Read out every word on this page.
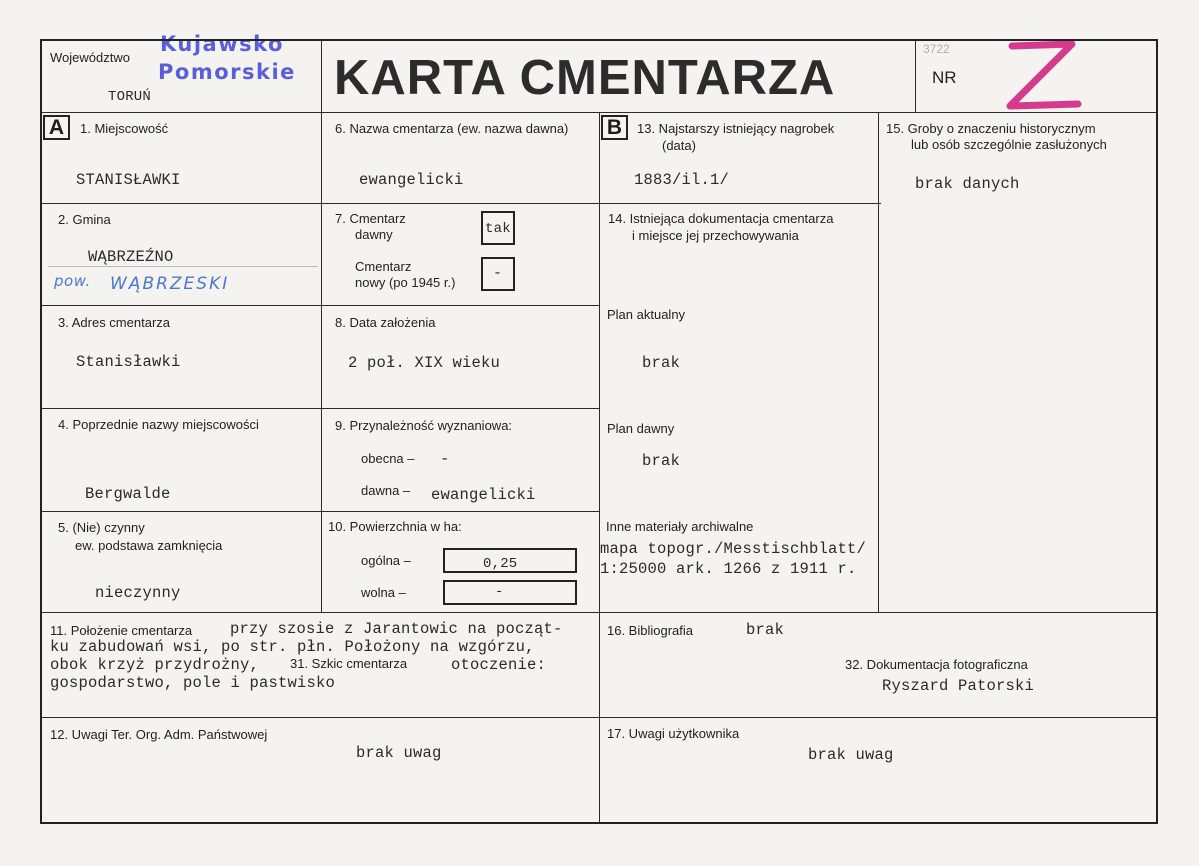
Województwo
Kujawsko
Pomorskie
TORUŃ	KARTA CMENTARZA
3722
NR
A	B
1. Miejscowość
STANISŁAWKI
2. Gmina
WĄBRZEŹNO
pow. WĄBRZESKI
3. Adres cmentarza
Stanisławki
4. Poprzednie nazwy miejscowości
Bergwalde
5. (Nie) czynny
ew. podstawa zamknięcia
nieczynny
6. Nazwa cmentarza (ew. nazwa dawna)
ewangelicki
7. Cmentarz
dawny	tak
Cmentarz
nowy (po 1945 r.)
-
8. Data założenia
2 poł. XIX wieku
9. Przynależność wyznaniowa:
obecna – -
dawna – ewangelicki
10. Powierzchnia w ha:
ogólna –	0,25
wolna –	-
13. Najstarszy istniejący nagrobek
(data)
1883/il.1/
14. Istniejąca dokumentacja cmentarza
i miejsce jej przechowywania
Plan aktualny
brak
Plan dawny
brak
Inne materiały archiwalne
mapa topogr./Messtischblatt/
1:25000 ark. 1266 z 1911 r.
15. Groby o znaczeniu historycznym
lub osób szczególnie zasłużonych
brak danych
11. Położenie cmentarza przy szosie z Jarantowic na począt-
ku zabudowań wsi, po str. płn. Położony na wzgórzu,
obok krzyż przydrożny, 31. Szkic cmentarza	otoczenie:
gospodarstwo, pole i pastwisko
16. Bibliografia	brak
32. Dokumentacja fotograficzna
Ryszard Patorski
12. Uwagi Ter. Org. Adm. Państwowej
brak uwag
17. Uwagi użytkownika
brak uwag
